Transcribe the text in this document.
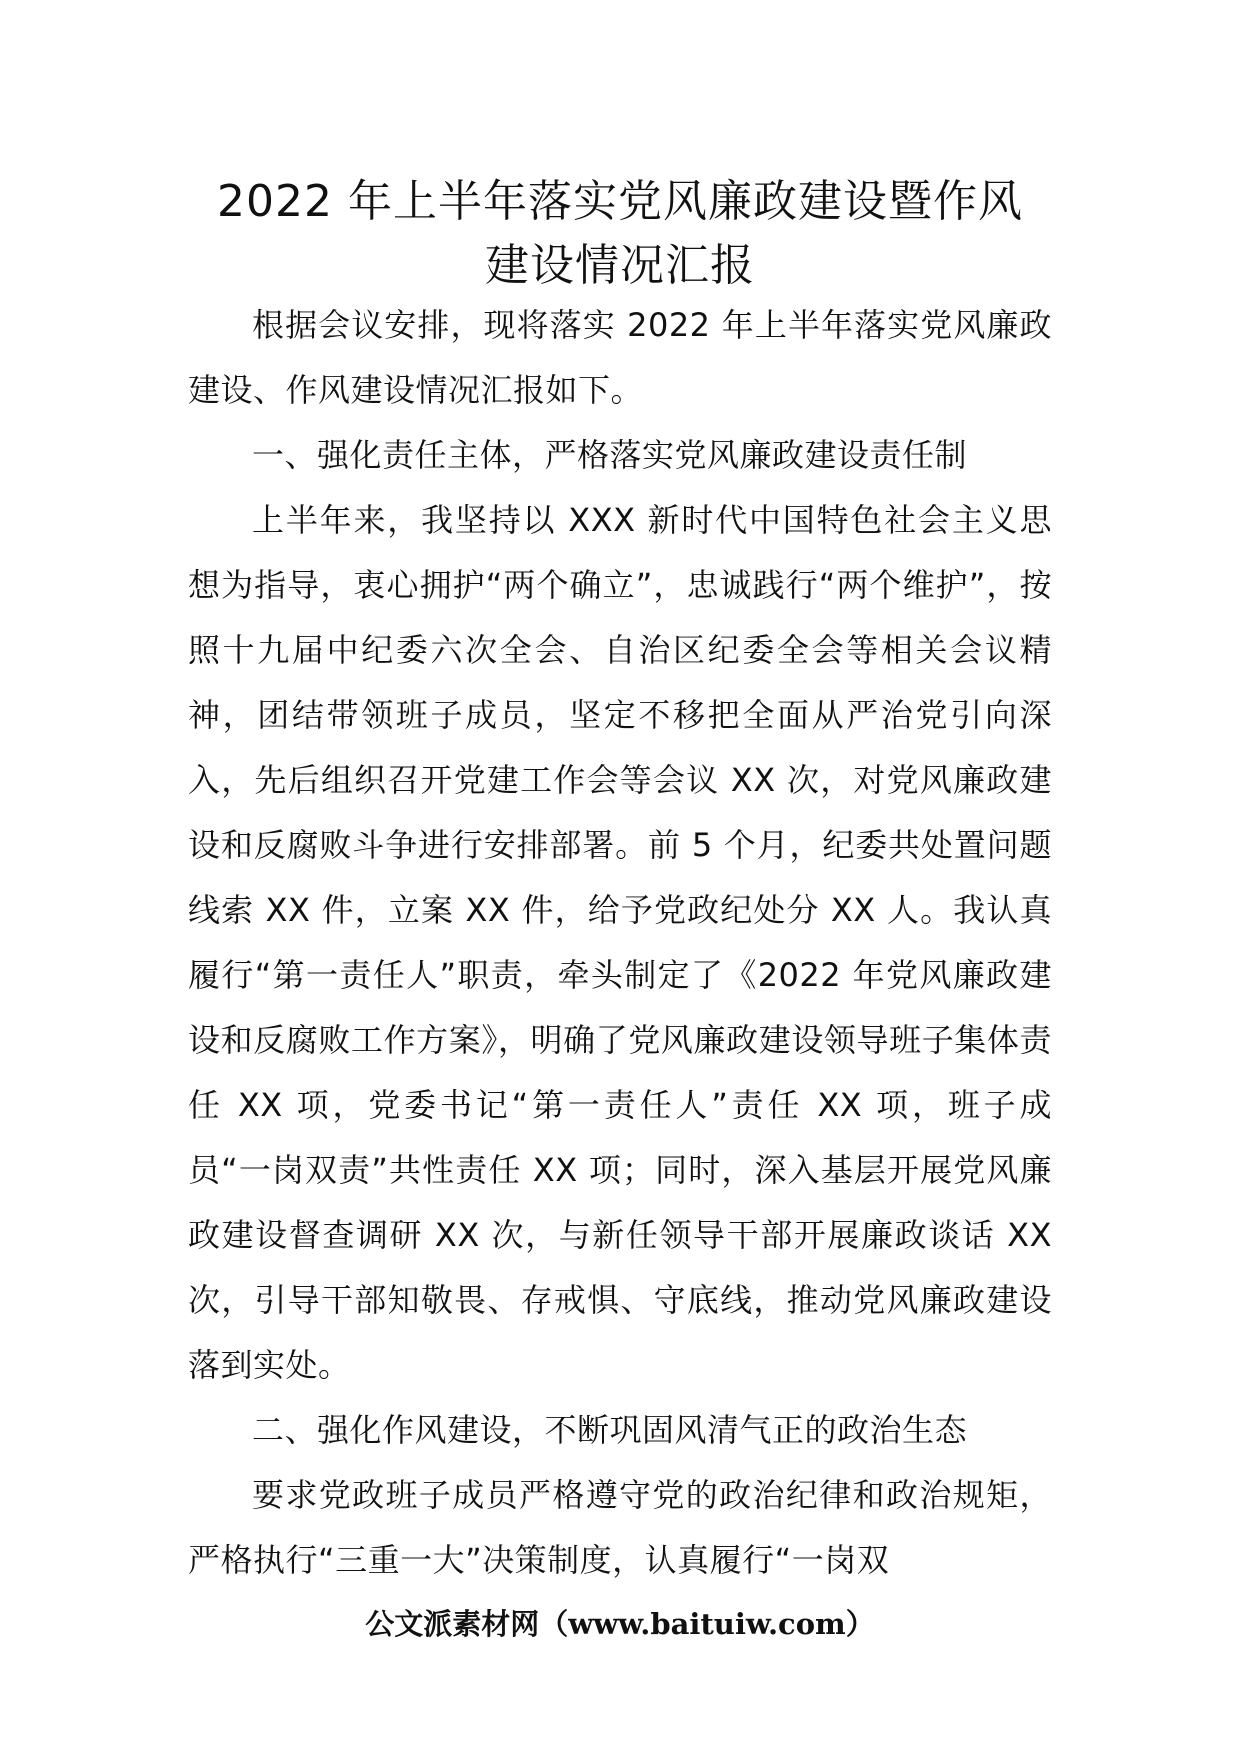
2022 年上半年落实党风廉政建设暨作风
建设情况汇报

根据会议安排，现将落实 2022 年上半年落实党风廉政建设、作风建设情况汇报如下。

一、强化责任主体，严格落实党风廉政建设责任制

上半年来，我坚持以 XXX 新时代中国特色社会主义思想为指导，衷心拥护“两个确立”，忠诚践行“两个维护”，按照十九届中纪委六次全会、自治区纪委全会等相关会议精神，团结带领班子成员，坚定不移把全面从严治党引向深入，先后组织召开党建工作会等会议 XX 次，对党风廉政建设和反腐败斗争进行安排部署。前 5 个月，纪委共处置问题线索 XX 件，立案 XX 件，给予党政纪处分 XX 人。我认真履行“第一责任人”职责，牵头制定了《2022 年党风廉政建设和反腐败工作方案》，明确了党风廉政建设领导班子集体责任 XX 项，党委书记“第一责任人”责任 XX 项，班子成员“一岗双责”共性责任 XX 项；同时，深入基层开展党风廉政建设督查调研 XX 次，与新任领导干部开展廉政谈话 XX 次，引导干部知敬畏、存戒惧、守底线，推动党风廉政建设落到实处。

二、强化作风建设，不断巩固风清气正的政治生态

要求党政班子成员严格遵守党的政治纪律和政治规矩，严格执行“三重一大”决策制度，认真履行“一岗双

公文派素材网（www.baituiw.com）
